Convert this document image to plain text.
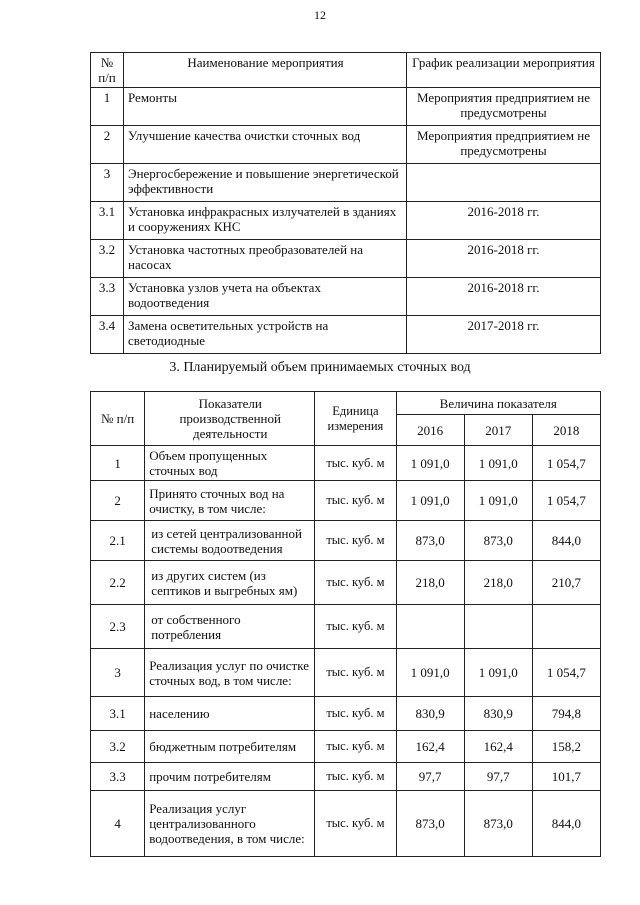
12
№ п/п	Наименование мероприятия	График реализации мероприятия
1	Ремонты	Мероприятия предприятием не предусмотрены
2	Улучшение качества очистки сточных вод	Мероприятия предприятием не предусмотрены
3	Энергосбережение и повышение энергетической эффективности	
3.1	Установка инфракрасных излучателей в зданиях и сооружениях КНС	2016-2018 гг.
3.2	Установка частотных преобразователей на насосах	2016-2018 гг.
3.3	Установка узлов учета на объектах водоотведения	2016-2018 гг.
3.4	Замена осветительных устройств на светодиодные	2017-2018 гг.
3. Планируемый объем принимаемых сточных вод
№ п/п	Показатели производственной деятельности	Единица измерения	Величина показателя		
			2016	2017	2018
1	Объем пропущенных сточных вод	тыс. куб. м	1 091,0	1 091,0	1 054,7
2	Принято сточных вод на очистку, в том числе:	тыс. куб. м	1 091,0	1 091,0	1 054,7
2.1	из сетей централизованной системы водоотведения	тыс. куб. м	873,0	873,0	844,0
2.2	из других систем (из септиков и выгребных ям)	тыс. куб. м	218,0	218,0	210,7
2.3	от собственного потребления	тыс. куб. м			
3	Реализация услуг по очистке сточных вод, в том числе:	тыс. куб. м	1 091,0	1 091,0	1 054,7
3.1	населению	тыс. куб. м	830,9	830,9	794,8
3.2	бюджетным потребителям	тыс. куб. м	162,4	162,4	158,2
3.3	прочим потребителям	тыс. куб. м	97,7	97,7	101,7
4	Реализация услуг централизованного водоотведения, в том числе:	тыс. куб. м	873,0	873,0	844,0
